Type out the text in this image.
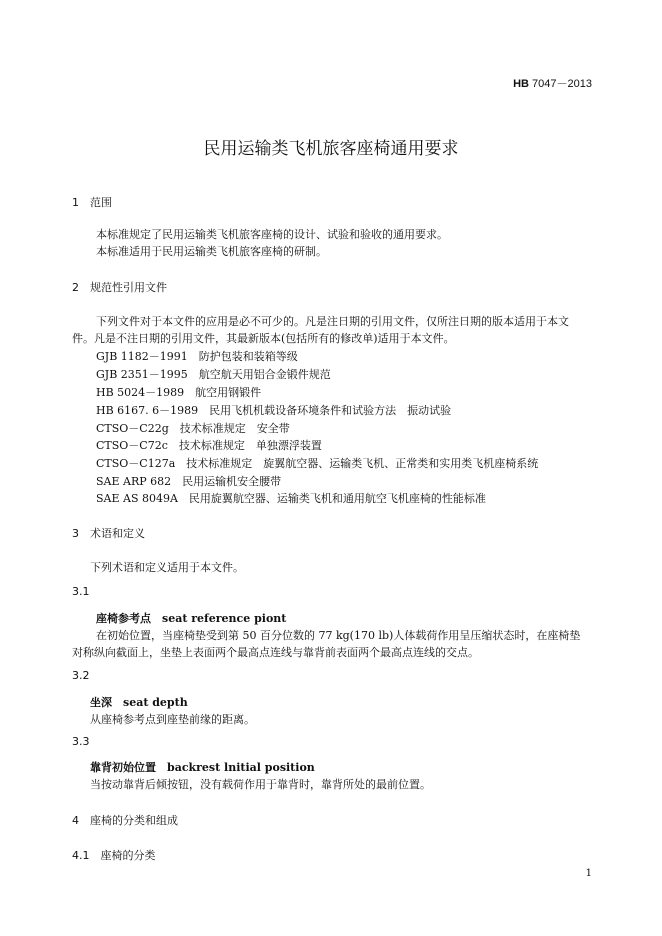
HB 7047－2013
民用运输类飞机旅客座椅通用要求
1　范围
本标准规定了民用运输类飞机旅客座椅的设计、试验和验收的通用要求。
本标准适用于民用运输类飞机旅客座椅的研制。
2　规范性引用文件
下列文件对于本文件的应用是必不可少的。凡是注日期的引用文件，仅所注日期的版本适用于本文
件。凡是不注日期的引用文件，其最新版本(包括所有的修改单)适用于本文件。
GJB 1182－1991　防护包装和装箱等级
GJB 2351－1995　航空航天用铝合金锻件规范
HB 5024－1989　航空用钢锻件
HB 6167. 6－1989　民用飞机机载设备环境条件和试验方法　振动试验
CTSO－C22g　技术标准规定　安全带
CTSO－C72c　技术标准规定　单独漂浮装置
CTSO－C127a　技术标准规定　旋翼航空器、运输类飞机、正常类和实用类飞机座椅系统
SAE ARP 682　民用运输机安全腰带
SAE AS 8049A　民用旋翼航空器、运输类飞机和通用航空飞机座椅的性能标准
3　术语和定义
下列术语和定义适用于本文件。
3.1
座椅参考点　seat reference piont
在初始位置，当座椅垫受到第 50 百分位数的 77 kg(170 lb)人体载荷作用呈压缩状态时，在座椅垫
对称纵向截面上，坐垫上表面两个最高点连线与靠背前表面两个最高点连线的交点。
3.2
坐深　seat depth
从座椅参考点到座垫前缘的距离。
3.3
靠背初始位置　backrest lnitial position
当按动靠背后倾按钮，没有载荷作用于靠背时，靠背所处的最前位置。
4　座椅的分类和组成
4.1　座椅的分类
1
